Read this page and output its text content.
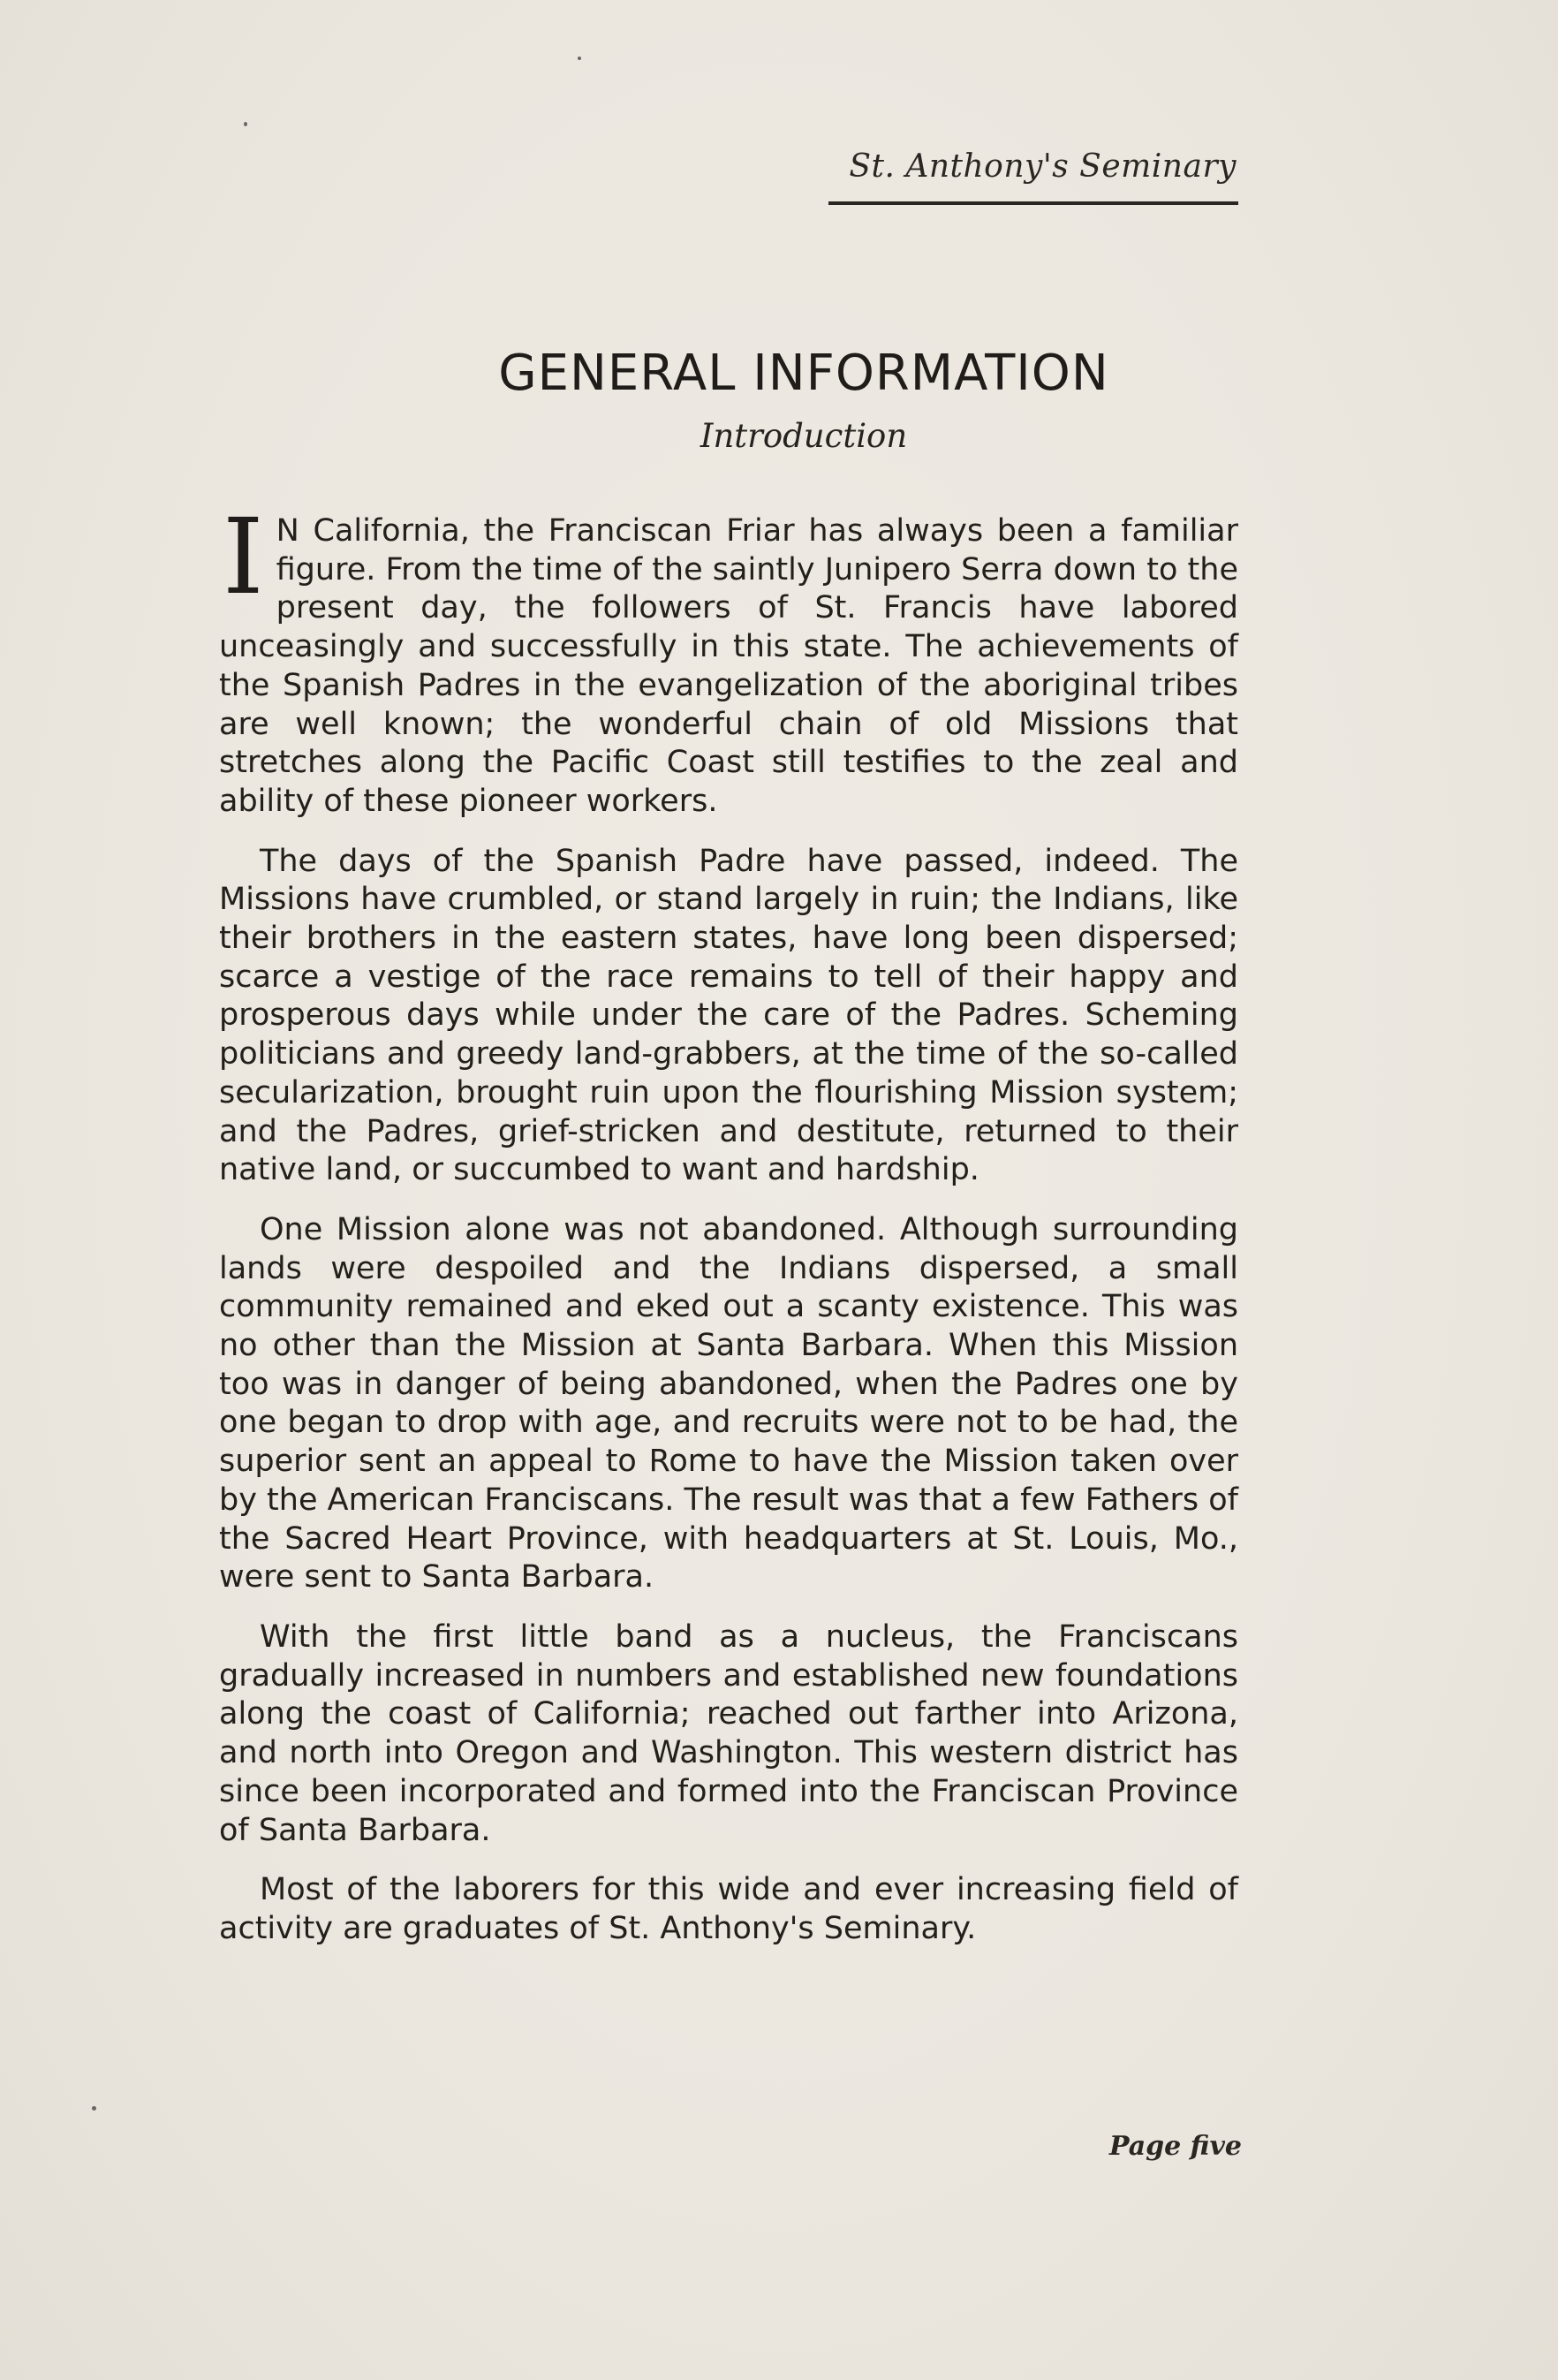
St. Anthony's Seminary
GENERAL INFORMATION
Introduction

I N California, the Franciscan Friar has always been a familiar figure. From the time of the saintly Junipero Serra down to the present day, the followers of St. Francis have labored unceasingly and successfully in this state. The achievements of the Spanish Padres in the evangelization of the aboriginal tribes are well known; the wonderful chain of old Missions that stretches along the Pacific Coast still testifies to the zeal and ability of these pioneer workers.

The days of the Spanish Padre have passed, indeed. The Missions have crumbled, or stand largely in ruin; the Indians, like their brothers in the eastern states, have long been dispersed; scarce a vestige of the race remains to tell of their happy and prosperous days while under the care of the Padres. Scheming politicians and greedy land-grabbers, at the time of the so-called secularization, brought ruin upon the flourishing Mission system; and the Padres, grief-stricken and destitute, returned to their native land, or succumbed to want and hardship.

One Mission alone was not abandoned. Although surrounding lands were despoiled and the Indians dispersed, a small community remained and eked out a scanty existence. This was no other than the Mission at Santa Barbara. When this Mission too was in danger of being abandoned, when the Padres one by one began to drop with age, and recruits were not to be had, the superior sent an appeal to Rome to have the Mission taken over by the American Franciscans. The result was that a few Fathers of the Sacred Heart Province, with headquarters at St. Louis, Mo., were sent to Santa Barbara.

With the first little band as a nucleus, the Franciscans gradually increased in numbers and established new foundations along the coast of California; reached out farther into Arizona, and north into Oregon and Washington. This western district has since been incorporated and formed into the Franciscan Province of Santa Barbara.

Most of the laborers for this wide and ever increasing field of activity are graduates of St. Anthony's Seminary.

Page five
